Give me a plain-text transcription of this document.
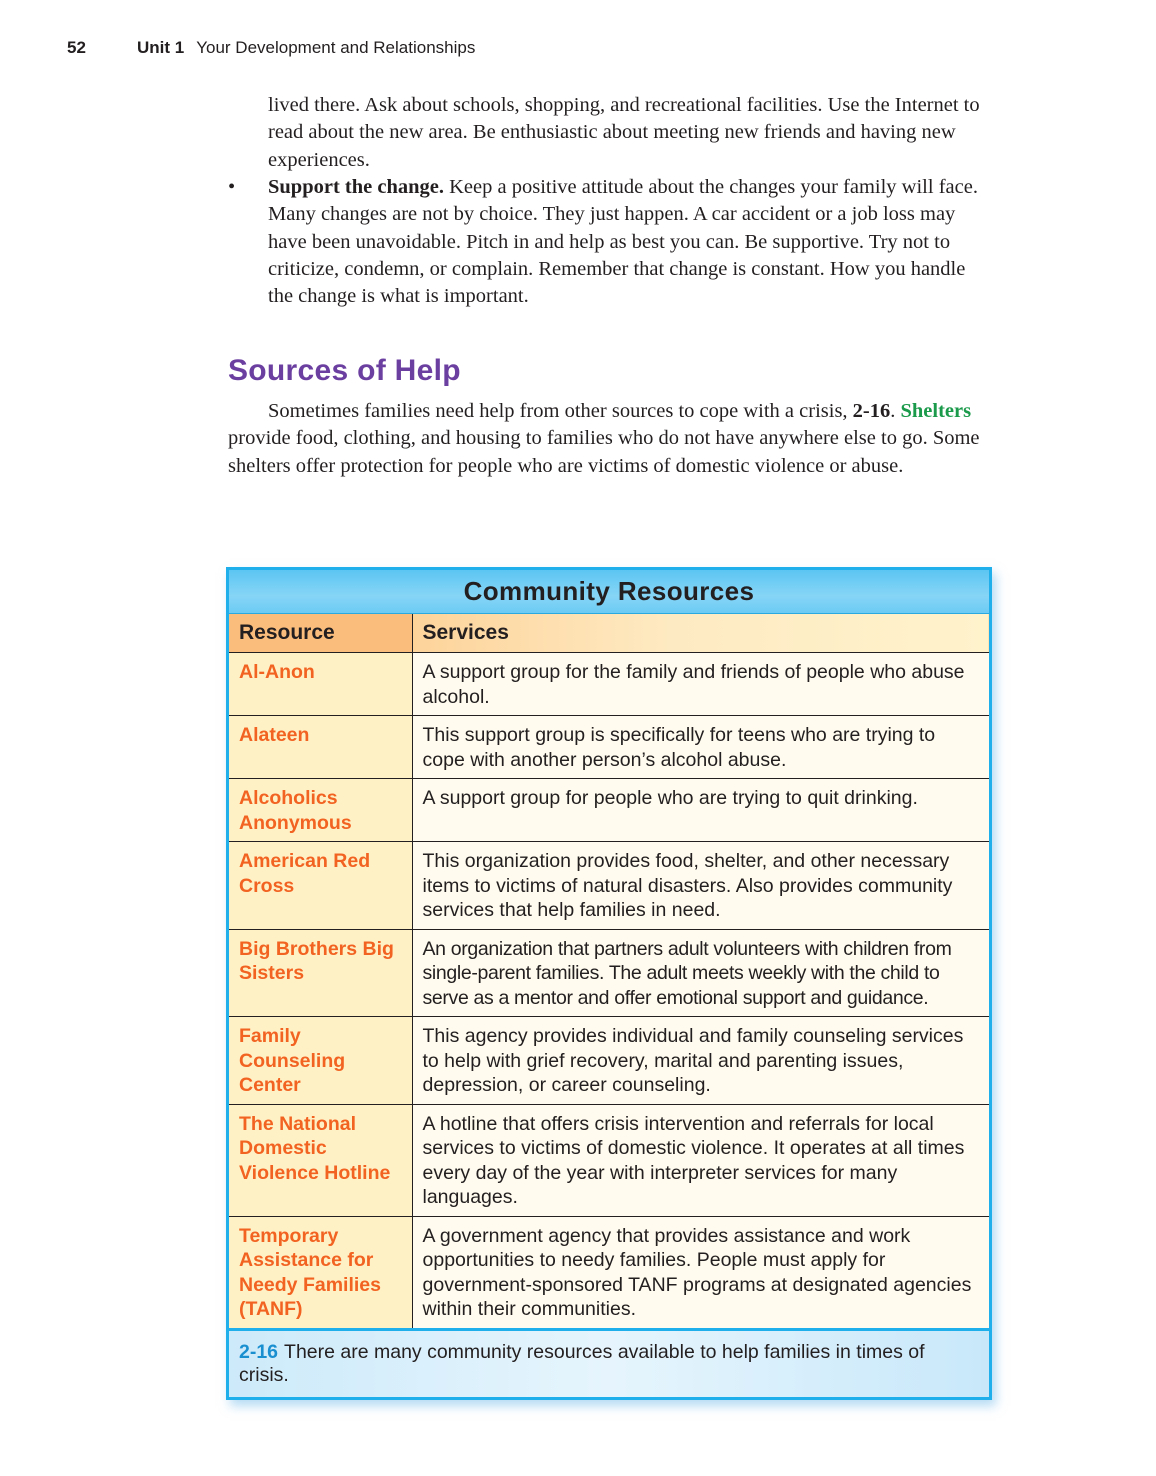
52	Unit 1 Your Development and Relationships
lived there. Ask about schools, shopping, and recreational facilities. Use the Internet to read about the new area. Be enthusiastic about meeting new friends and having new experiences.
•	Support the change. Keep a positive attitude about the changes your family will face. Many changes are not by choice. They just happen. A car accident or a job loss may have been unavoidable. Pitch in and help as best you can. Be supportive. Try not to criticize, condemn, or complain. Remember that change is constant. How you handle the change is what is important.
Sources of Help
Sometimes families need help from other sources to cope with a crisis, 2-16. Shelters provide food, clothing, and housing to families who do not have anywhere else to go. Some shelters offer protection for people who are victims of domestic violence or abuse.
Community Resources
Resource	Services
Al-Anon	A support group for the family and friends of people who abuse alcohol.
Alateen	This support group is specifically for teens who are trying to cope with another person’s alcohol abuse.
Alcoholics Anonymous	A support group for people who are trying to quit drinking.
American Red Cross	This organization provides food, shelter, and other necessary items to victims of natural disasters. Also provides community services that help families in need.
Big Brothers Big Sisters	An organization that partners adult volunteers with children from single-parent families. The adult meets weekly with the child to serve as a mentor and offer emotional support and guidance.
Family Counseling Center	This agency provides individual and family counseling services to help with grief recovery, marital and parenting issues, depression, or career counseling.
The National Domestic Violence Hotline	A hotline that offers crisis intervention and referrals for local services to victims of domestic violence. It operates at all times every day of the year with interpreter services for many languages.
Temporary Assistance for Needy Families (TANF)	A government agency that provides assistance and work opportunities to needy families. People must apply for government-sponsored TANF programs at designated agencies within their communities.
2-16 There are many community resources available to help families in times of crisis.
